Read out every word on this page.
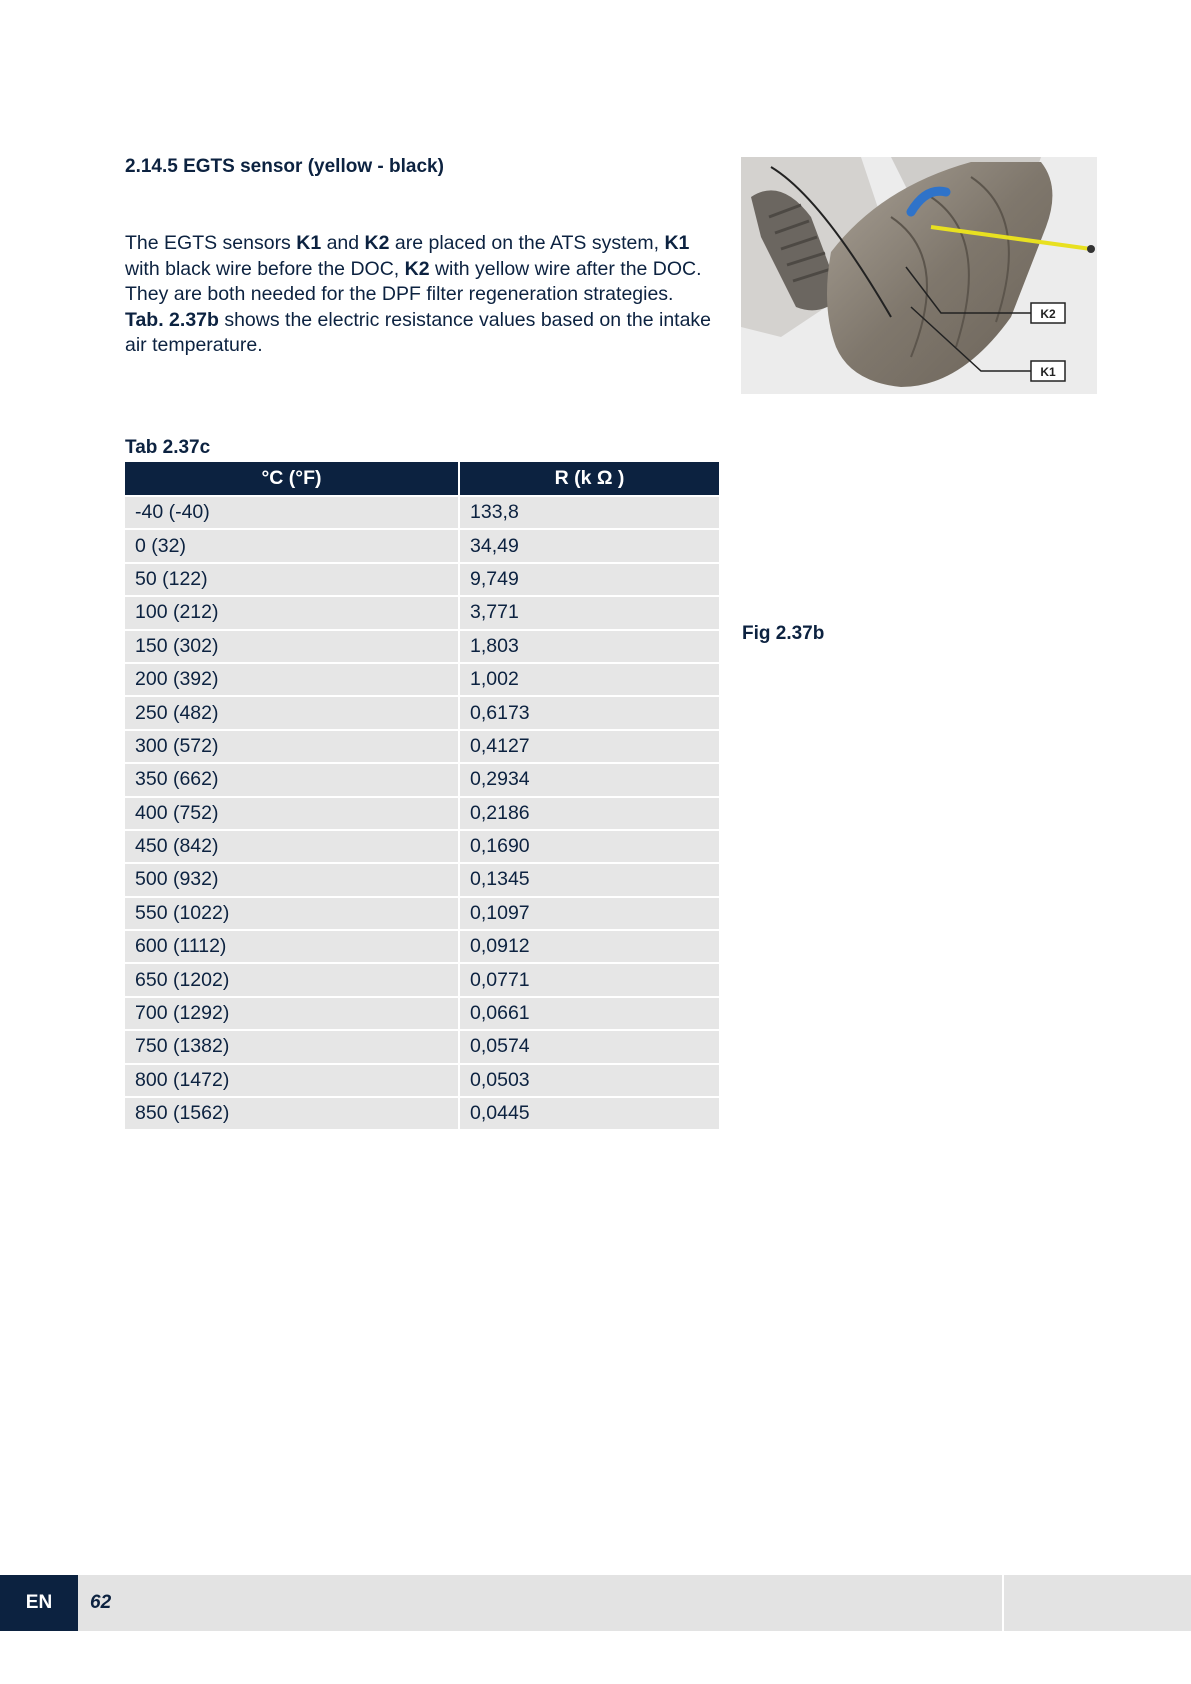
2.14.5 EGTS sensor (yellow - black)

The EGTS sensors K1 and K2 are placed on the ATS system, K1 with black wire before the DOC, K2 with yellow wire after the DOC.

They are both needed for the DPF filter regeneration strategies.

Tab. 2.37b shows the electric resistance values based on the intake air temperature.

K2
K1
Fig 2.37b
Tab 2.37c
°C (°F)	R (k Ω )
-40 (-40)	133,8
0 (32)	34,49
50 (122)	9,749
100 (212)	3,771
150 (302)	1,803
200 (392)	1,002
250 (482)	0,6173
300 (572)	0,4127
350 (662)	0,2934
400 (752)	0,2186
450 (842)	0,1690
500 (932)	0,1345
550 (1022)	0,1097
600 (1112)	0,0912
650 (1202)	0,0771
700 (1292)	0,0661
750 (1382)	0,0574
800 (1472)	0,0503
850 (1562)	0,0445
EN	62
